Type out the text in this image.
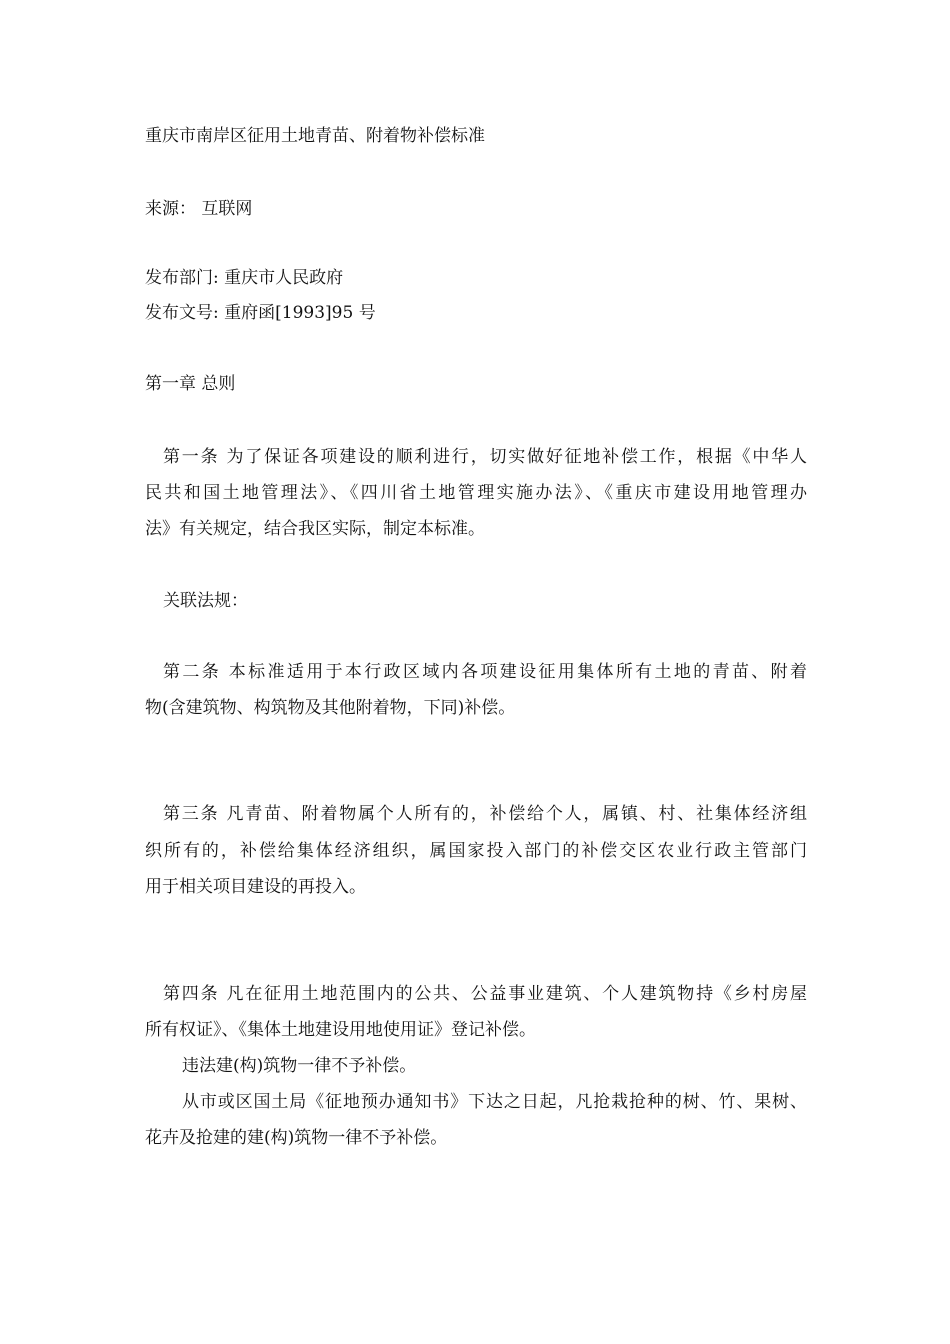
重庆市南岸区征用土地青苗、附着物补偿标准
来源： 互联网
发布部门: 重庆市人民政府
发布文号: 重府函[1993]95 号
第一章 总则
第一条 为了保证各项建设的顺利进行，切实做好征地补偿工作，根据《中华人
民共和国土地管理法》、《四川省土地管理实施办法》、《重庆市建设用地管理办
法》有关规定，结合我区实际，制定本标准。
关联法规：
第二条 本标准适用于本行政区域内各项建设征用集体所有土地的青苗、附着
物(含建筑物、构筑物及其他附着物，下同)补偿。
第三条 凡青苗、附着物属个人所有的，补偿给个人，属镇、村、社集体经济组
织所有的，补偿给集体经济组织，属国家投入部门的补偿交区农业行政主管部门
用于相关项目建设的再投入。
第四条 凡在征用土地范围内的公共、公益事业建筑、个人建筑物持《乡村房屋
所有权证》、《集体土地建设用地使用证》登记补偿。
违法建(构)筑物一律不予补偿。
从市或区国土局《征地预办通知书》下达之日起，凡抢栽抢种的树、竹、果树、
花卉及抢建的建(构)筑物一律不予补偿。
